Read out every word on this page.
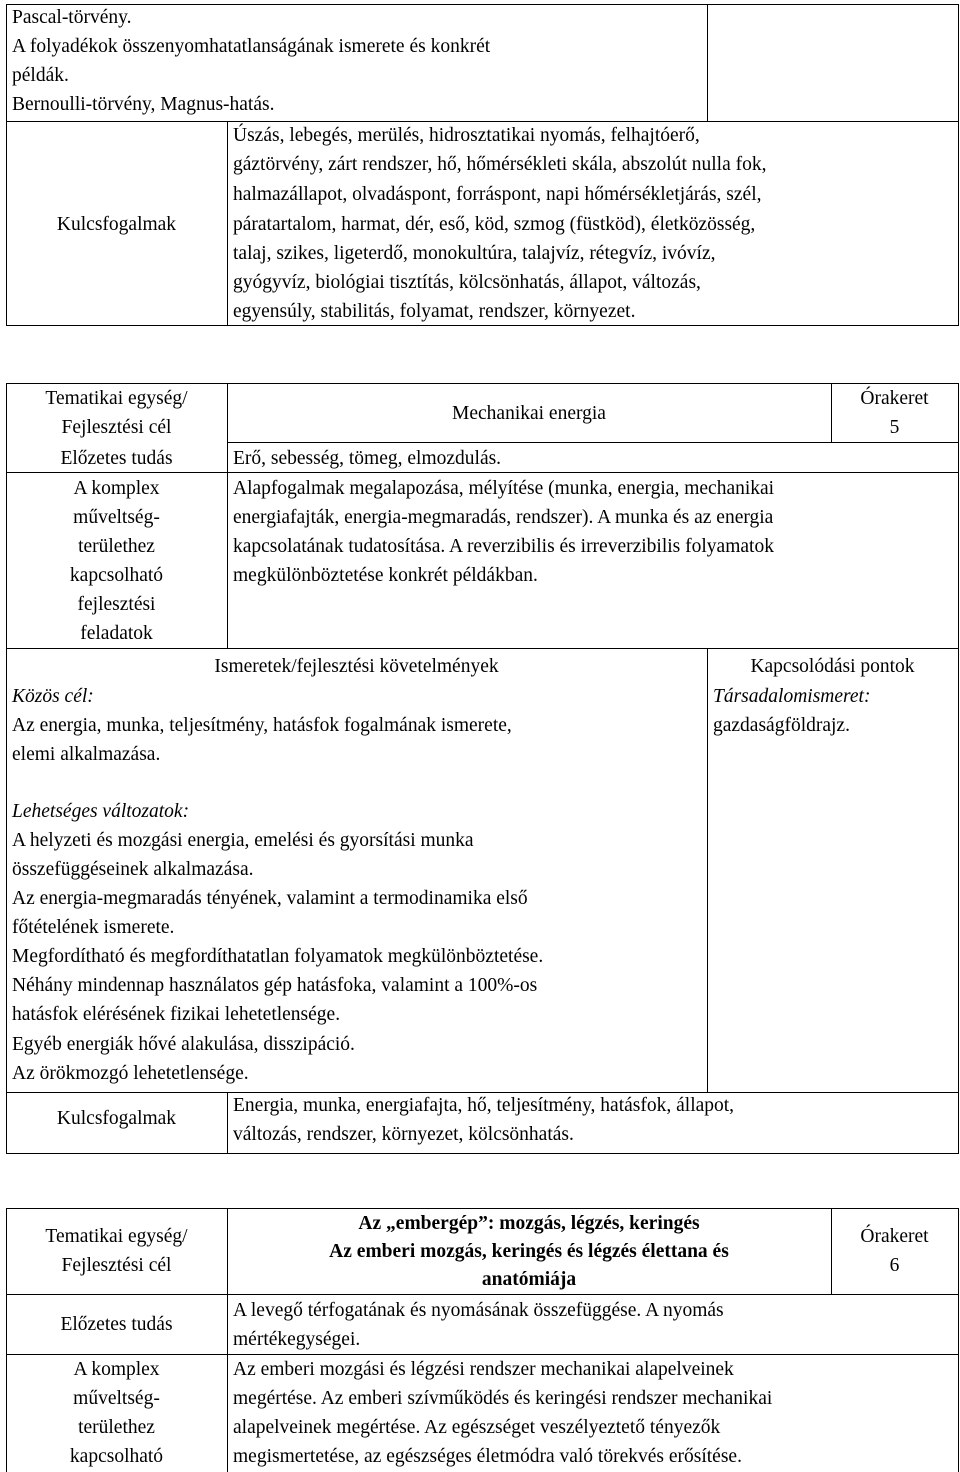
Pascal-törvény.
A folyadékok összenyomhatatlanságának ismerete és konkrét
példák.
Bernoulli-törvény, Magnus-hatás.
Kulcsfogalmak
Úszás, lebegés, merülés, hidrosztatikai nyomás, felhajtóerő,
gáztörvény, zárt rendszer, hő, hőmérsékleti skála, abszolút nulla fok,
halmazállapot, olvadáspont, forráspont, napi hőmérsékletjárás, szél,
páratartalom, harmat, dér, eső, köd, szmog (füstköd), életközösség,
talaj, szikes, ligeterdő, monokultúra, talajvíz, rétegvíz, ivóvíz,
gyógyvíz, biológiai tisztítás, kölcsönhatás, állapot, változás,
egyensúly, stabilitás, folyamat, rendszer, környezet.
Tematikai egység/
Fejlesztési cél
Mechanikai energia
Órakeret
5
Előzetes tudás	Erő, sebesség, tömeg, elmozdulás.
A komplex
műveltség-
területhez
kapcsolható
fejlesztési
feladatok
Alapfogalmak megalapozása, mélyítése (munka, energia, mechanikai
energiafajták, energia-megmaradás, rendszer). A munka és az energia
kapcsolatának tudatosítása. A reverzibilis és irreverzibilis folyamatok
megkülönböztetése konkrét példákban.
Ismeretek/fejlesztési követelmények	Kapcsolódási pontok
Közös cél:
Az energia, munka, teljesítmény, hatásfok fogalmának ismerete,
elemi alkalmazása.
Lehetséges változatok:
A helyzeti és mozgási energia, emelési és gyorsítási munka
összefüggéseinek alkalmazása.
Az energia-megmaradás tényének, valamint a termodinamika első
főtételének ismerete.
Megfordítható és megfordíthatatlan folyamatok megkülönböztetése.
Néhány mindennap használatos gép hatásfoka, valamint a 100%-os
hatásfok elérésének fizikai lehetetlensége.
Egyéb energiák hővé alakulása, disszipáció.
Az örökmozgó lehetetlensége.
Társadalomismeret:
gazdaságföldrajz.
Kulcsfogalmak
Energia, munka, energiafajta, hő, teljesítmény, hatásfok, állapot,
változás, rendszer, környezet, kölcsönhatás.
Tematikai egység/
Fejlesztési cél
Az „embergép”: mozgás, légzés, keringés
Az emberi mozgás, keringés és légzés élettana és
anatómiája
Órakeret
6
Előzetes tudás
A levegő térfogatának és nyomásának összefüggése. A nyomás
mértékegységei.
A komplex
műveltség-
területhez
kapcsolható
Az emberi mozgási és légzési rendszer mechanikai alapelveinek
megértése. Az emberi szívműködés és keringési rendszer mechanikai
alapelveinek megértése. Az egészséget veszélyeztető tényezők
megismertetése, az egészséges életmódra való törekvés erősítése.
